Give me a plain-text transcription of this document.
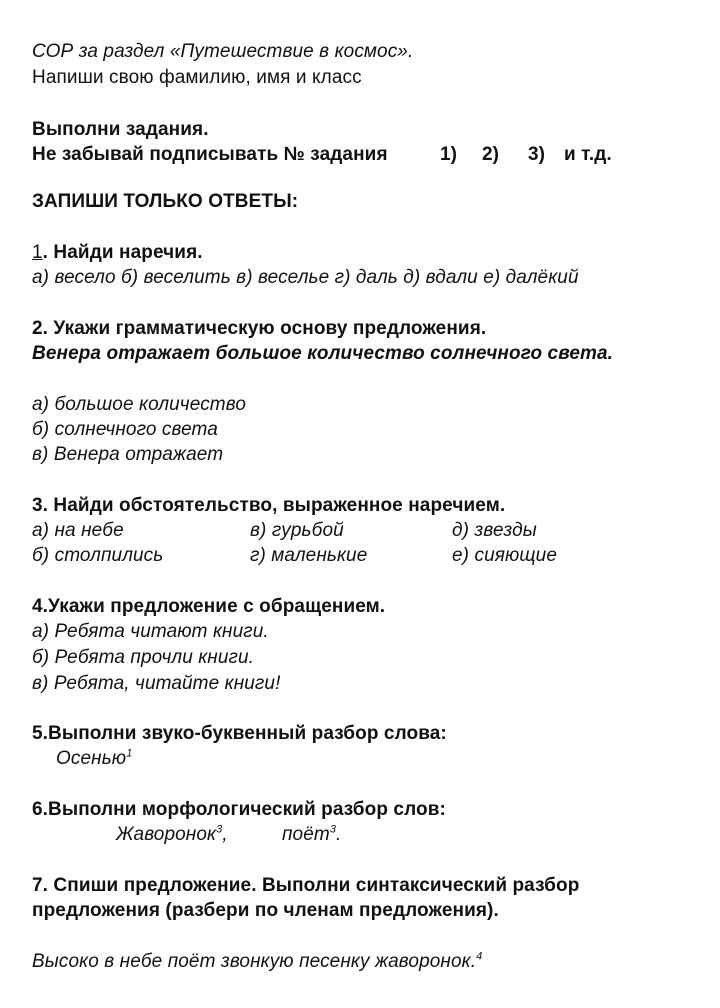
СОР за раздел «Путешествие в космос».
Напиши свою фамилию, имя и класс
Выполни задания.
Не забывай подписывать № задания	1) 2) 3) и т.д.
ЗАПИШИ ТОЛЬКО ОТВЕТЫ:
1. Найди наречия.
а) весело б) веселить в) веселье г) даль д) вдали е) далёкий
2. Укажи грамматическую основу предложения.
Венера отражает большое количество солнечного света.
а) большое количество
б) солнечного света
в) Венера отражает
3. Найди обстоятельство, выраженное наречием.
а) на небе	в) гурьбой	д) звезды
б) столпились	г) маленькие	е) сияющие
4.Укажи предложение с обращением.
а) Ребята читают книги.
б) Ребята прочли книги.
в) Ребята, читайте книги!
5.Выполни звуко-буквенный разбор слова:
Осенью$^1$
6.Выполни морфологический разбор слов:
Жаворонок$^3$,	поёт$^3$.
7. Спиши предложение. Выполни синтаксический разбор
предложения (разбери по членам предложения).
Высоко в небе поёт звонкую песенку жаворонок.$^4$
